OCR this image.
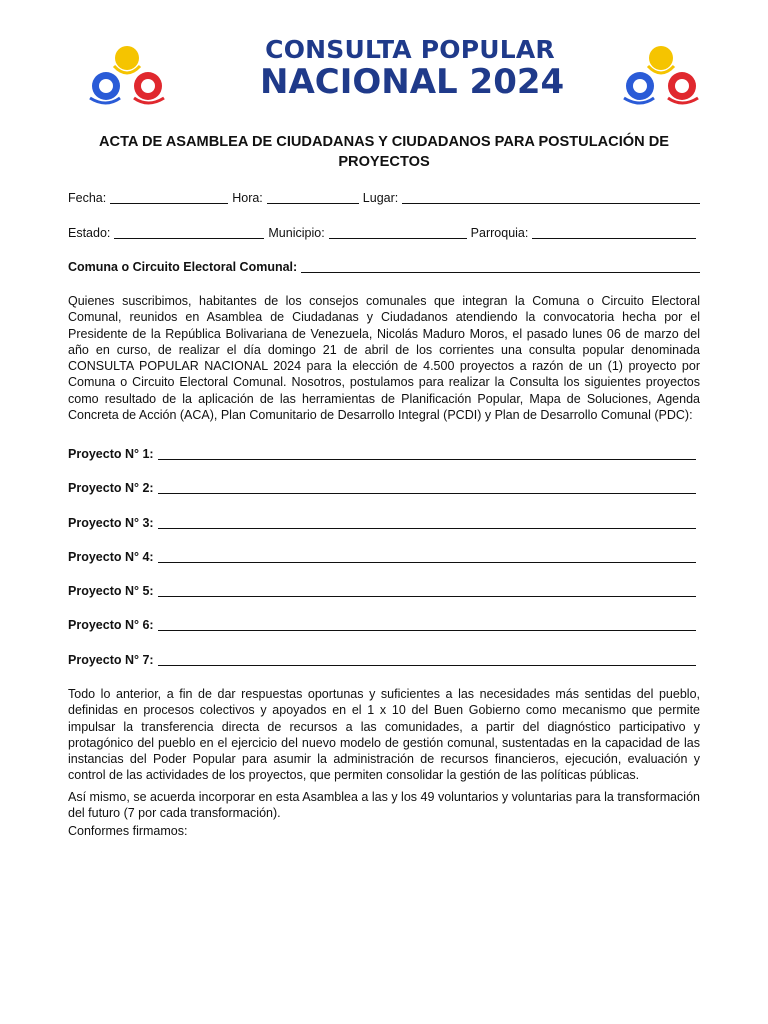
CONSULTA POPULAR
NACIONAL 2024
ACTA DE ASAMBLEA DE CIUDADANAS Y CIUDADANOS PARA POSTULACIÓN DE PROYECTOS
Fecha:	Hora:	Lugar:
Estado:	Municipio:	Parroquia:
Comuna o Circuito Electoral Comunal:

Quienes suscribimos, habitantes de los consejos comunales que integran la Comuna o Circuito Electoral Comunal, reunidos en Asamblea de Ciudadanas y Ciudadanos atendiendo la convocatoria hecha por el Presidente de la República Bolivariana de Venezuela, Nicolás Maduro Moros, el pasado lunes 06 de marzo del año en curso, de realizar el día domingo 21 de abril de los corrientes una consulta popular denominada CONSULTA POPULAR NACIONAL 2024 para la elección de 4.500 proyectos a razón de un (1) proyecto por Comuna o Circuito Electoral Comunal. Nosotros, postulamos para realizar la Consulta los siguientes proyectos como resultado de la aplicación de las herramientas de Planificación Popular, Mapa de Soluciones, Agenda Concreta de Acción (ACA), Plan Comunitario de Desarrollo Integral (PCDI) y Plan de Desarrollo Comunal (PDC):

Proyecto N° 1:
Proyecto N° 2:
Proyecto N° 3:
Proyecto N° 4:
Proyecto N° 5:
Proyecto N° 6:
Proyecto N° 7:

Todo lo anterior, a fin de dar respuestas oportunas y suficientes a las necesidades más sentidas del pueblo, definidas en procesos colectivos y apoyados en el 1 x 10 del Buen Gobierno como mecanismo que permite impulsar la transferencia directa de recursos a las comunidades, a partir del diagnóstico participativo y protagónico del pueblo en el ejercicio del nuevo modelo de gestión comunal, sustentadas en la capacidad de las instancias del Poder Popular para asumir la administración de recursos financieros, ejecución, evaluación y control de las actividades de los proyectos, que permiten consolidar la gestión de las políticas públicas.

Así mismo, se acuerda incorporar en esta Asamblea a las y los 49 voluntarios y voluntarias para la transformación del futuro (7 por cada transformación).

Conformes firmamos:
